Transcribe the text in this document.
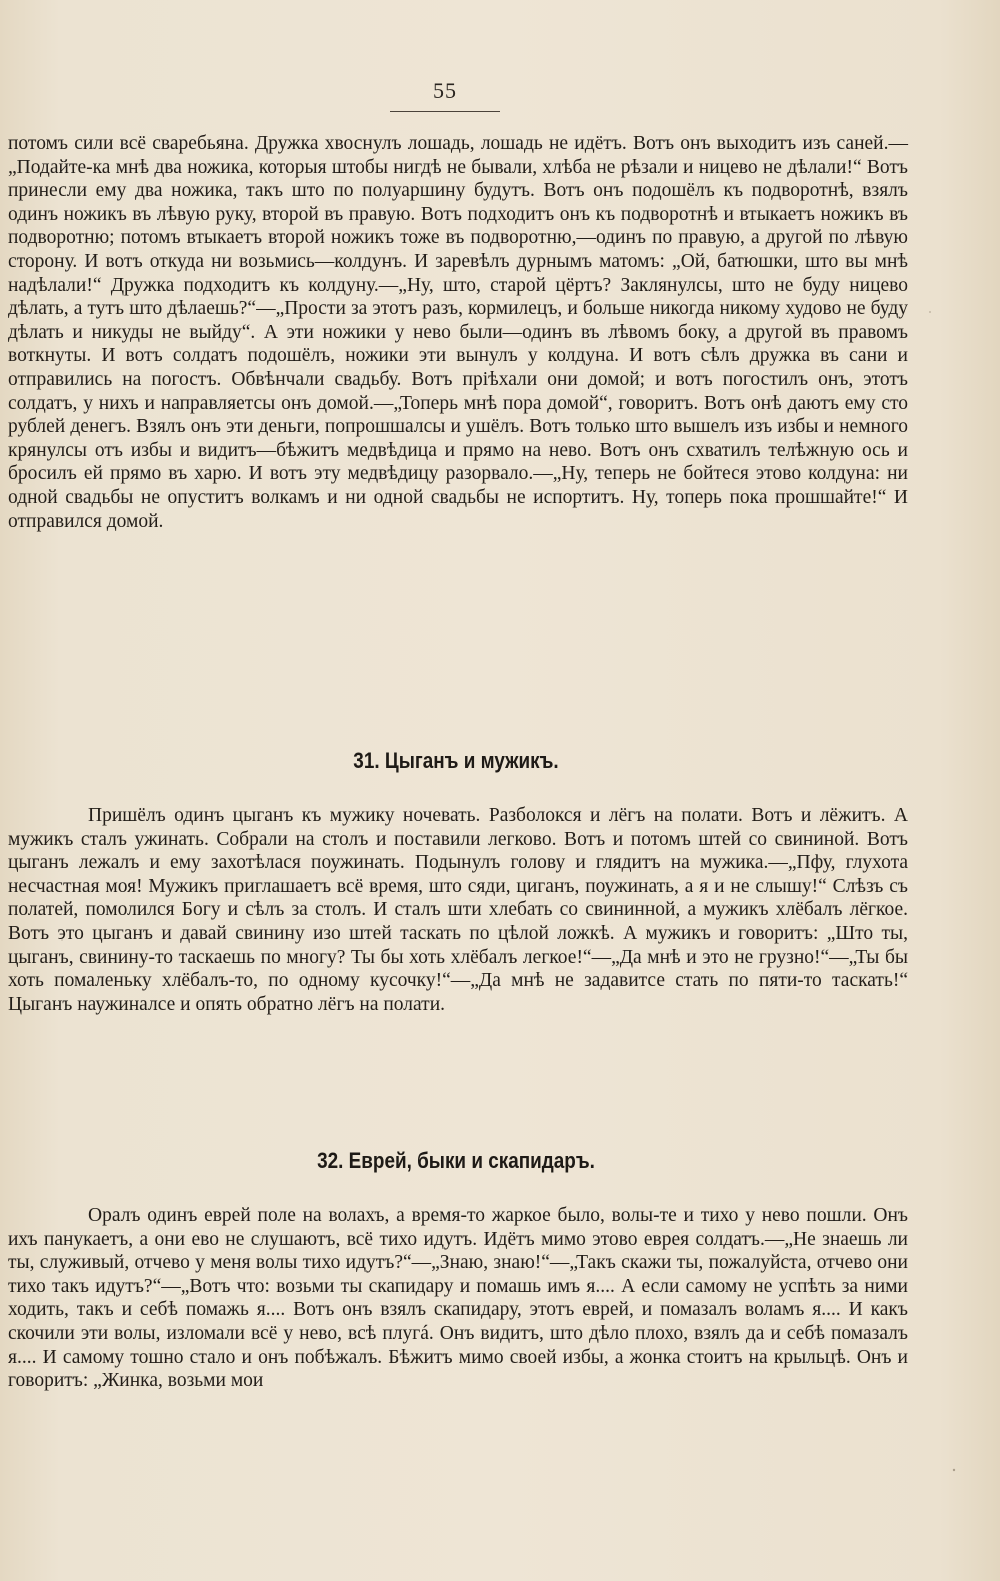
55

потомъ сили всё сваребьяна. Дружка хвоснулъ лошадь, лошадь не идётъ. Вотъ онъ выходитъ изъ саней.—„Подайте-ка мнѣ два ножика, которыя штобы нигдѣ не бывали, хлѣба не рѣзали и ницево не дѣлали!“ Вотъ принесли ему два ножика, такъ што по полуаршину будутъ. Вотъ онъ подошёлъ къ подворотнѣ, взялъ одинъ ножикъ въ лѣвую руку, второй въ правую. Вотъ подходитъ онъ къ подворотнѣ и втыкаетъ ножикъ въ подворотню; потомъ втыкаетъ второй ножикъ тоже въ подворотню,—одинъ по правую, а другой по лѣвую сторону. И вотъ откуда ни возьмись—колдунъ. И заревѣлъ дурнымъ матомъ: „Ой, батюшки, што вы мнѣ надѣлали!“ Дружка подходитъ къ колдуну.—„Ну, што, старой цёртъ? Заклянулсы, што не буду ницево дѣлать, а тутъ што дѣлаешь?“—„Прости за этотъ разъ, кормилецъ, и больше никогда никому худово не буду дѣлать и никуды не выйду“. А эти ножики у нево были—одинъ въ лѣвомъ боку, а другой въ правомъ воткнуты. И вотъ солдатъ подошёлъ, ножики эти вынулъ у колдуна. И вотъ сѣлъ дружка въ сани и отправились на погостъ. Обвѣнчали свадьбу. Вотъ пріѣхали они домой; и вотъ погостилъ онъ, этотъ солдатъ, у нихъ и направляетсы онъ домой.—„Топерь мнѣ пора домой“, говоритъ. Вотъ онѣ даютъ ему сто рублей денегъ. Взялъ онъ эти деньги, попрошшалсы и ушёлъ. Вотъ только што вышелъ изъ избы и немного крянулсы отъ избы и видитъ—бѣжитъ медвѣдица и прямо на нево. Вотъ онъ схватилъ телѣжную ось и бросилъ ей прямо въ харю. И вотъ эту медвѣдицу разорвало.—„Ну, теперь не бойтеся этово колдуна: ни одной свадьбы не опуститъ волкамъ и ни одной свадьбы не испортитъ. Ну, топерь пока прошшайте!“ И отправился домой.

31. Цыганъ и мужикъ.

Пришёлъ одинъ цыганъ къ мужику ночевать. Разболокся и лёгъ на полати. Вотъ и лёжитъ. А мужикъ сталъ ужинать. Собрали на столъ и поставили легково. Вотъ и потомъ штей со свининой. Вотъ цыганъ лежалъ и ему захотѣлася поужинать. Подынулъ голову и глядитъ на мужика.—„Пфу, глухота несчастная моя! Мужикъ приглашаетъ всё время, што сяди, циганъ, поужинать, а я и не слышу!“ Слѣзъ съ полатей, помолился Богу и сѣлъ за столъ. И сталъ шти хлебать со свининной, а мужикъ хлёбалъ лёгкое. Вотъ это цыганъ и давай свинину изо штей таскать по цѣлой ложкѣ. А мужикъ и говоритъ: „Што ты, цыганъ, свинину-то таскаешь по многу? Ты бы хоть хлёбалъ легкое!“—„Да мнѣ и это не грузно!“—„Ты бы хоть помаленьку хлёбалъ-то, по одному кусочку!“—„Да мнѣ не задавитсе стать по пяти-то таскать!“ Цыганъ наужиналсе и опять обратно лёгъ на полати.

32. Еврей, быки и скапидаръ.

Оралъ одинъ еврей поле на волахъ, а время-то жаркое было, волы-те и тихо у нево пошли. Онъ ихъ панукаетъ, а они ево не слушаютъ, всё тихо идутъ. Идётъ мимо этово еврея солдатъ.—„Не знаешь ли ты, служивый, отчево у меня волы тихо идутъ?“—„Знаю, знаю!“—„Такъ скажи ты, пожалуйста, отчево они тихо такъ идутъ?“—„Вотъ что: возьми ты скапидару и помашь имъ я.... А если самому не успѣть за ними ходить, такъ и себѣ помажь я.... Вотъ онъ взялъ скапидару, этотъ еврей, и помазалъ воламъ я.... И какъ скочили эти волы, изломали всё у нево, всѣ плугá. Онъ видитъ, што дѣло плохо, взялъ да и себѣ помазалъ я.... И самому тошно стало и онъ побѣжалъ. Бѣжитъ мимо своей избы, а жонка стоитъ на крыльцѣ. Онъ и говоритъ: „Жинка, возьми мои
